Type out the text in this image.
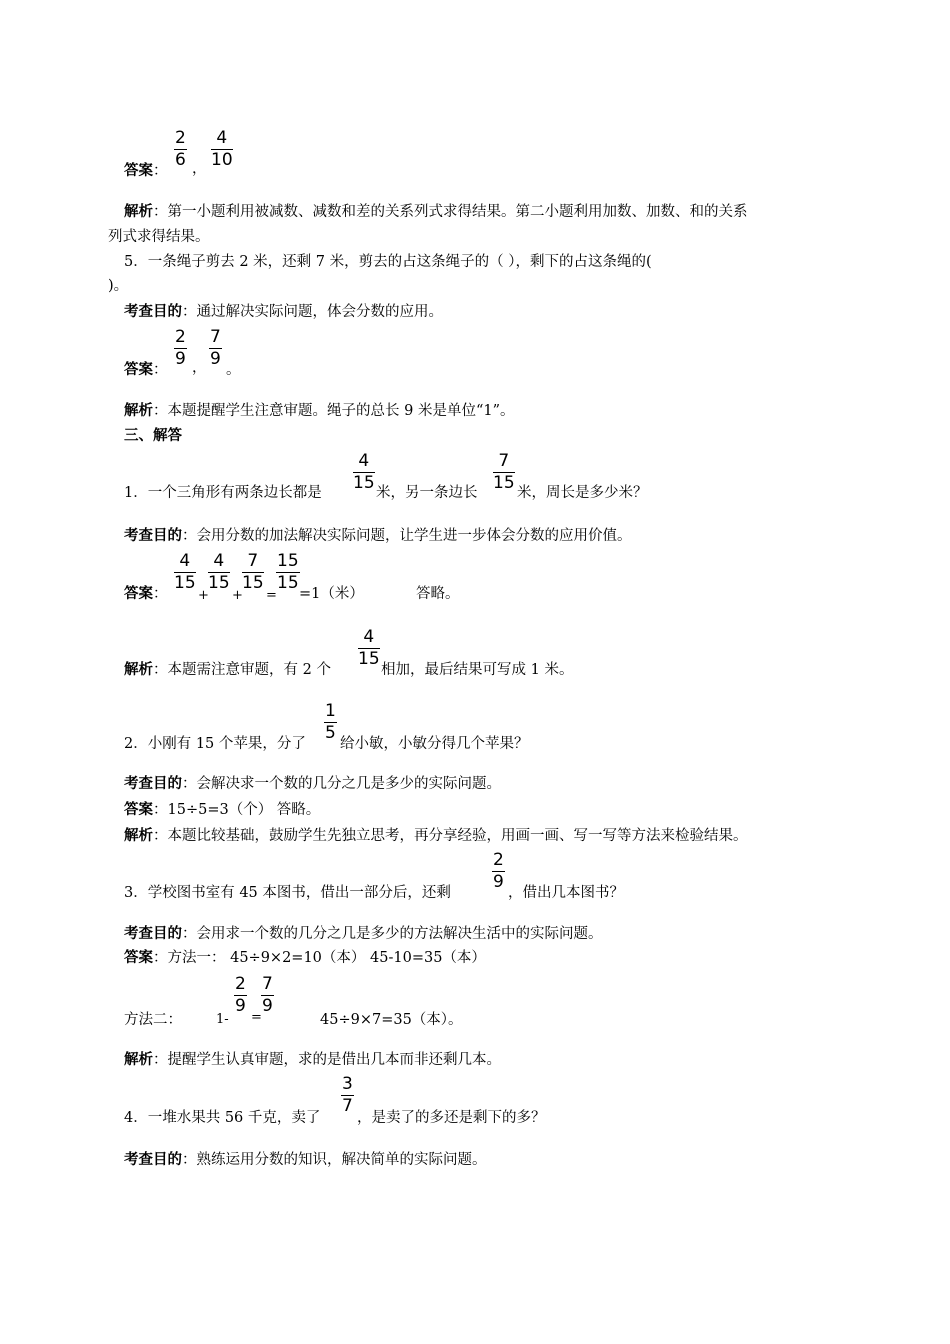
$\frac{2}{6}$ ， $\frac{4}{10}$
答案：
解析：第一小题利用被减数、减数和差的关系列式求得结果。第二小题利用加数、加数、和的关系
列式求得结果。
5．一条绳子剪去 2 米，还剩 7 米，剪去的占这条绳子的（ ），剩下的占这条绳的(
)。
考查目的：通过解决实际问题，体会分数的应用。
$\frac{2}{9}$ ， $\frac{7}{9}$
。
答案：
解析：本题提醒学生注意审题。绳子的总长 9 米是单位“1”。
三、解答
1．一个三角形有两条边长都是 $\frac{4}{15}$ 米，另一条边长 $\frac{7}{15}$ 米，周长是多少米？
考查目的：会用分数的加法解决实际问题，让学生进一步体会分数的应用价值。
答案：
$\frac{4}{15}$
+
$\frac{4}{15}$
+
$\frac{7}{15}$
=
$\frac{15}{15}$
=1（米）	答略。
解析：本题需注意审题，有 2 个
$\frac{4}{15}$
相加，最后结果可写成 1 米。
2．小刚有 15 个苹果，分了
$\frac{1}{5}$
给小敏，小敏分得几个苹果？
考查目的：会解决求一个数的几分之几是多少的实际问题。
答案：15÷5=3（个） 答略。
解析：本题比较基础，鼓励学生先独立思考，再分享经验，用画一画、写一写等方法来检验结果。
3．学校图书室有 45 本图书，借出一部分后，还剩
$\frac{2}{9}$
，借出几本图书？
考查目的：会用求一个数的几分之几是多少的方法解决生活中的实际问题。
答案：方法一： 45÷9×2=10（本） 45-10=35（本）
方法二：	1-
$\frac{2}{9}$
=
$\frac{7}{9}$
45÷9×7=35（本）。
解析：提醒学生认真审题，求的是借出几本而非还剩几本。
4．一堆水果共 56 千克，卖了
$\frac{3}{7}$
，是卖了的多还是剩下的多？
考查目的：熟练运用分数的知识，解决简单的实际问题。
